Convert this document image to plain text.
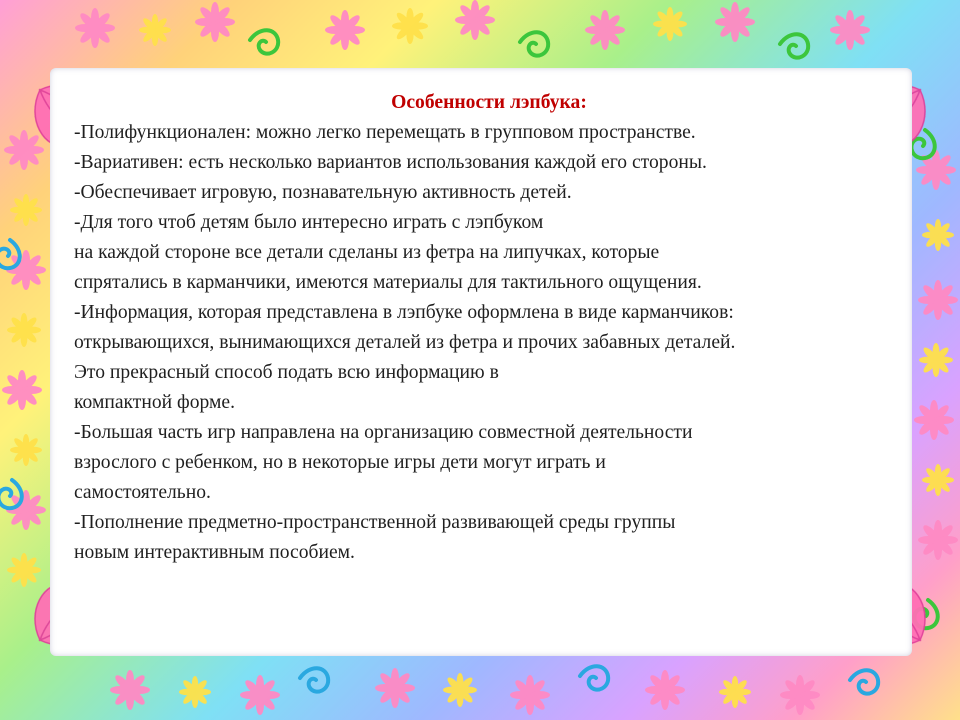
Особенности лэпбука:

-Полифункционален: можно легко перемещать в групповом пространстве.

-Вариативен: есть несколько вариантов использования каждой его стороны.

-Обеспечивает игровую, познавательную активность детей.

-Для того чтоб детям было интересно играть с лэпбуком

на каждой стороне все детали сделаны из фетра на липучках, которые

спрятались в карманчики, имеются материалы для тактильного ощущения.

-Информация, которая представлена в лэпбуке оформлена в виде карманчиков:

открывающихся, вынимающихся деталей из фетра и прочих забавных деталей.

Это прекрасный способ подать всю информацию в

компактной форме.

-Большая часть игр направлена на организацию совместной деятельности

взрослого с ребенком, но в некоторые игры дети могут играть и

самостоятельно.

-Пополнение предметно-пространственной развивающей среды группы

новым интерактивным пособием.
